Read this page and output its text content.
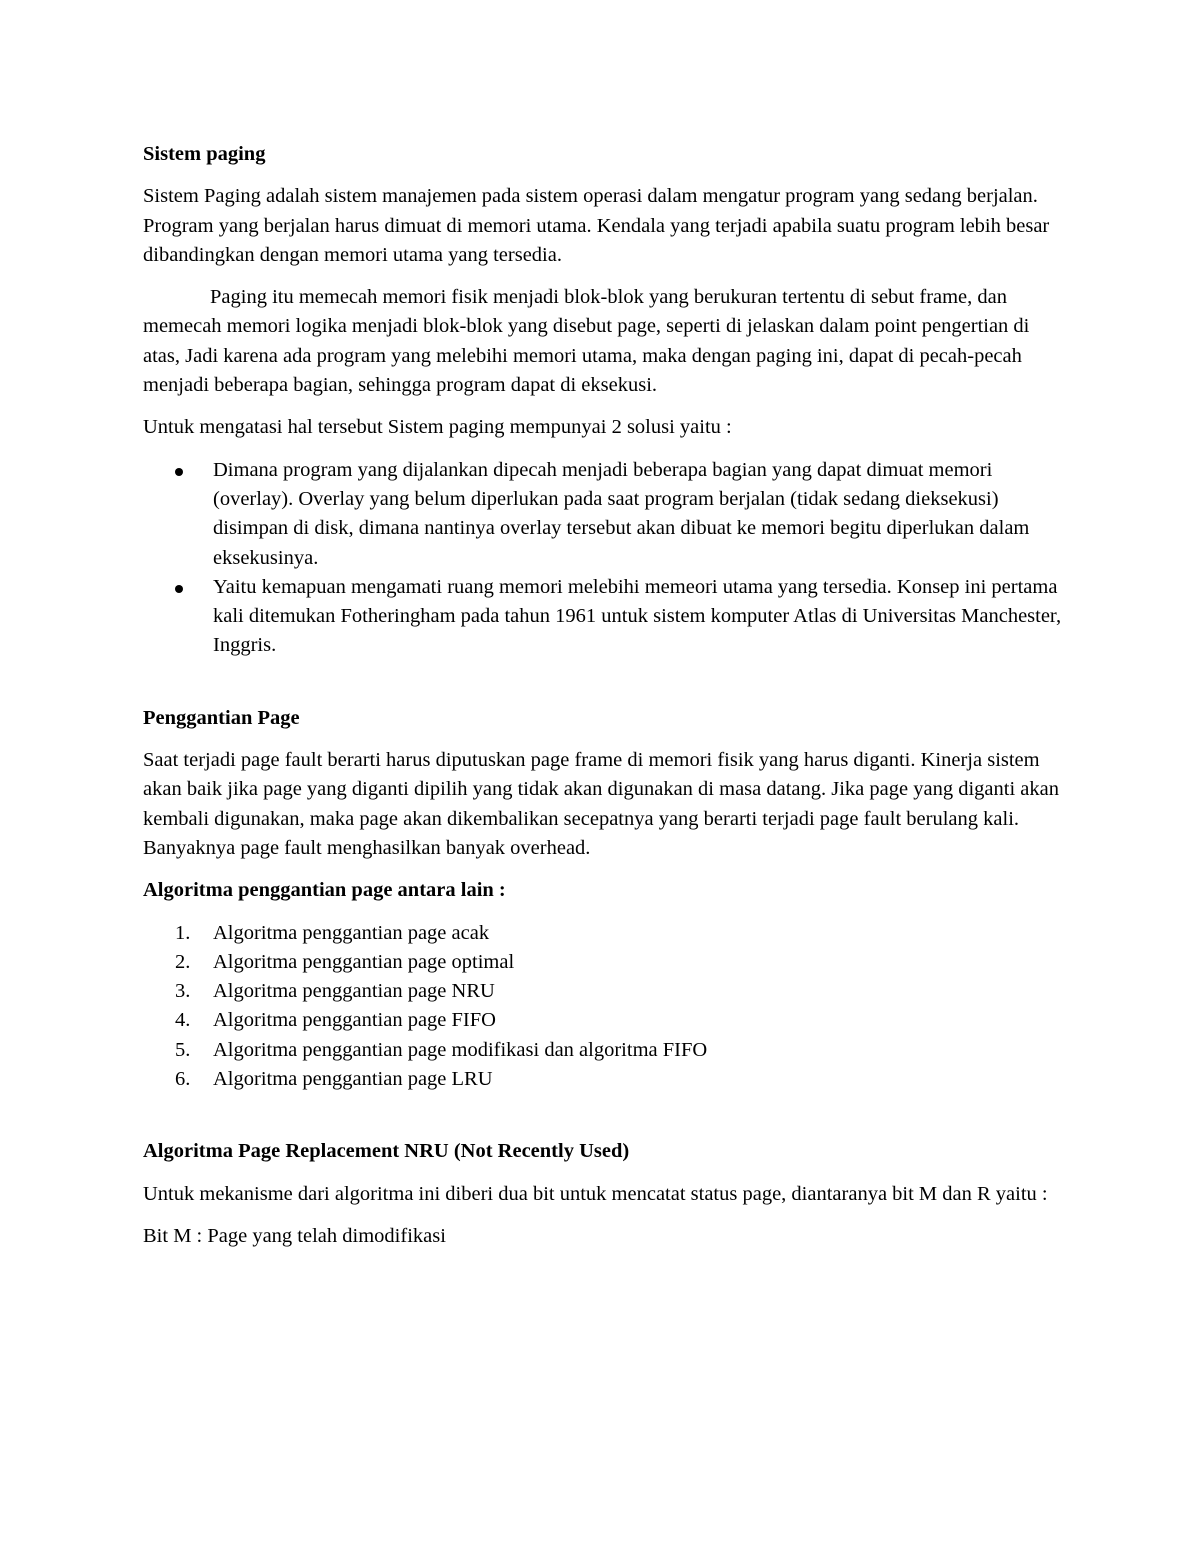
Sistem paging

Sistem Paging adalah sistem manajemen pada sistem operasi dalam mengatur program yang sedang berjalan. Program yang berjalan harus dimuat di memori utama. Kendala yang terjadi apabila suatu program lebih besar dibandingkan dengan memori utama yang tersedia.

Paging itu memecah memori fisik menjadi blok-blok yang berukuran tertentu di sebut frame, dan memecah memori logika menjadi blok-blok yang disebut page, seperti di jelaskan dalam point pengertian di atas, Jadi karena ada program yang melebihi memori utama, maka dengan paging ini, dapat di pecah-pecah menjadi beberapa bagian, sehingga program dapat di eksekusi.

Untuk mengatasi hal tersebut Sistem paging mempunyai 2 solusi yaitu :

Dimana program yang dijalankan dipecah menjadi beberapa bagian yang dapat dimuat memori (overlay). Overlay yang belum diperlukan pada saat program berjalan (tidak sedang dieksekusi) disimpan di disk, dimana nantinya overlay tersebut akan dibuat ke memori begitu diperlukan dalam eksekusinya.
Yaitu kemapuan mengamati ruang memori melebihi memeori utama yang tersedia. Konsep ini pertama kali ditemukan Fotheringham pada tahun 1961 untuk sistem komputer Atlas di Universitas Manchester, Inggris.

Penggantian Page

Saat terjadi page fault berarti harus diputuskan page frame di memori fisik yang harus diganti. Kinerja sistem akan baik jika page yang diganti dipilih yang tidak akan digunakan di masa datang. Jika page yang diganti akan kembali digunakan, maka page akan dikembalikan secepatnya yang berarti terjadi page fault berulang kali. Banyaknya page fault menghasilkan banyak overhead.

Algoritma penggantian page antara lain :

1. Algoritma penggantian page acak
2. Algoritma penggantian page optimal
3. Algoritma penggantian page NRU
4. Algoritma penggantian page FIFO
5. Algoritma penggantian page modifikasi dan algoritma FIFO
6. Algoritma penggantian page LRU

Algoritma Page Replacement NRU (Not Recently Used)

Untuk mekanisme dari algoritma ini diberi dua bit untuk mencatat status page, diantaranya bit M dan R yaitu :

Bit M : Page yang telah dimodifikasi
